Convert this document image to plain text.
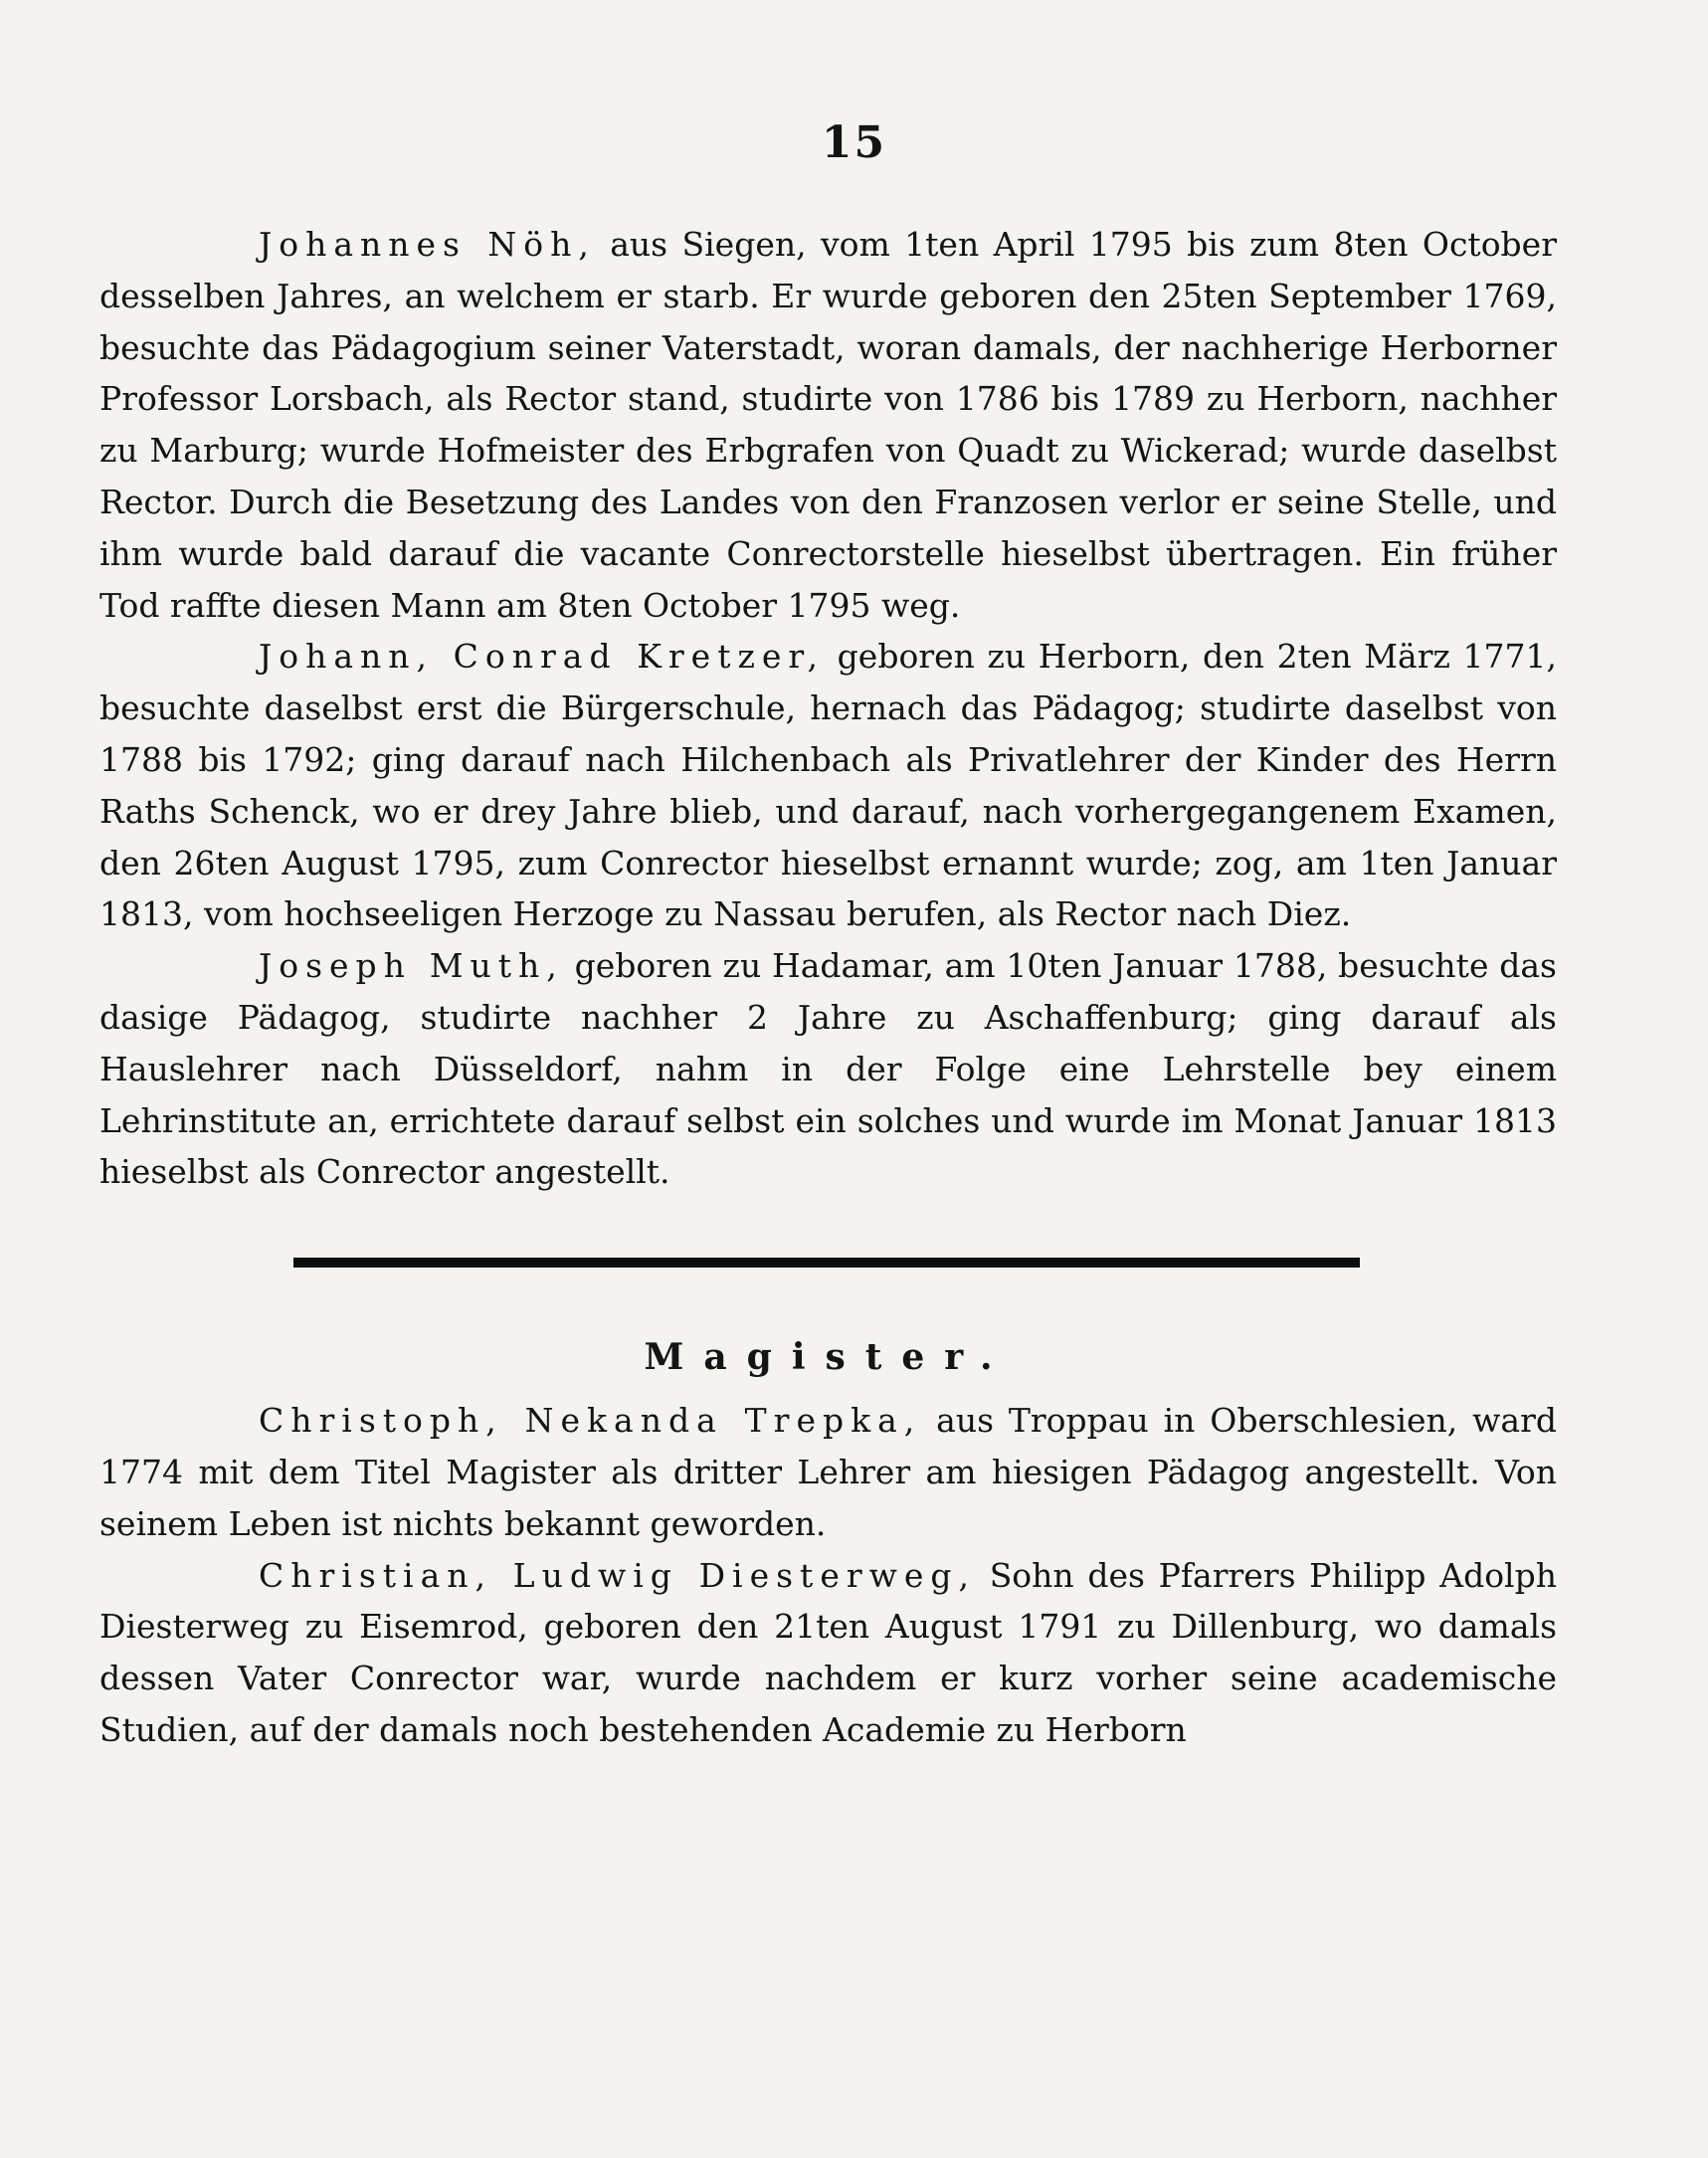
15

Johannes Nöh, aus Siegen, vom 1ten April 1795 bis zum 8ten October desselben Jahres, an welchem er starb. Er wurde geboren den 25ten September 1769, besuchte das Pädagogium seiner Vaterstadt, woran damals, der nachherige Herborner Professor Lorsbach, als Rector stand, studirte von 1786 bis 1789 zu Herborn, nachher zu Marburg; wurde Hofmeister des Erbgrafen von Quadt zu Wickerad; wurde daselbst Rector. Durch die Besetzung des Landes von den Franzosen verlor er seine Stelle, und ihm wurde bald darauf die vacante Conrectorstelle hieselbst übertragen. Ein früher Tod raffte diesen Mann am 8ten October 1795 weg.

Johann, Conrad Kretzer, geboren zu Herborn, den 2ten März 1771, besuchte daselbst erst die Bürgerschule, hernach das Pädagog; studirte daselbst von 1788 bis 1792; ging darauf nach Hilchenbach als Privatlehrer der Kinder des Herrn Raths Schenck, wo er drey Jahre blieb, und darauf, nach vorhergegangenem Examen, den 26ten August 1795, zum Conrector hieselbst ernannt wurde; zog, am 1ten Januar 1813, vom hochseeligen Herzoge zu Nassau berufen, als Rector nach Diez.

Joseph Muth, geboren zu Hadamar, am 10ten Januar 1788, besuchte das dasige Pädagog, studirte nachher 2 Jahre zu Aschaffenburg; ging darauf als Hauslehrer nach Düsseldorf, nahm in der Folge eine Lehrstelle bey einem Lehrinstitute an, errichtete darauf selbst ein solches und wurde im Monat Januar 1813 hieselbst als Conrector angestellt.

Magister.

Christoph, Nekanda Trepka, aus Troppau in Oberschlesien, ward 1774 mit dem Titel Magister als dritter Lehrer am hiesigen Pädagog angestellt. Von seinem Leben ist nichts bekannt geworden.

Christian, Ludwig Diesterweg, Sohn des Pfarrers Philipp Adolph Diesterweg zu Eisemrod, geboren den 21ten August 1791 zu Dillenburg, wo damals dessen Vater Conrector war, wurde nachdem er kurz vorher seine academische Studien, auf der damals noch bestehenden Academie zu Herborn
